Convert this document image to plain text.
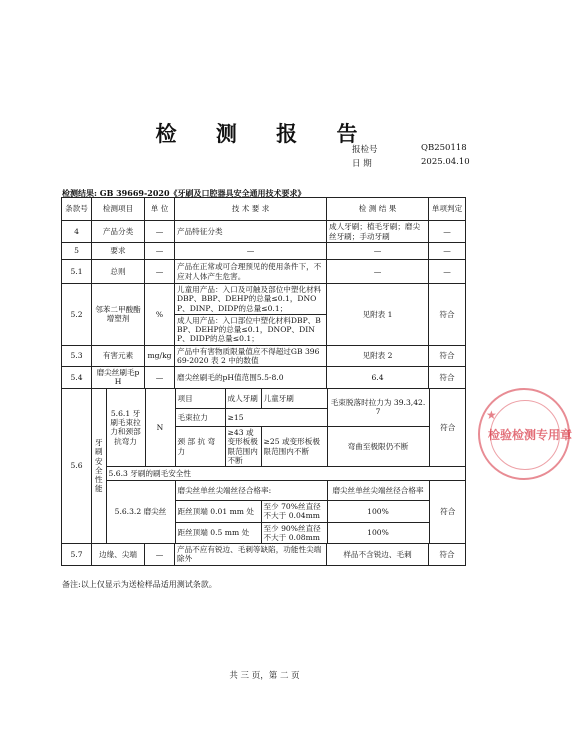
检 测 报 告
报检号	QB250118
日 期	2025.04.10
检测结果: GB 39669-2020《牙刷及口腔器具安全通用技术要求》
条款号	检测项目	单 位	技 术 要 求	检 测 结 果	单项判定
4	产品分类	—	产品特征分类	成人牙刷；植毛牙刷；磨尖丝牙刷；手动牙刷	—
5	要求	—	—	—	—
5.1	总则	—	产品在正常或可合理预见的使用条件下，不应对人体产生危害。	—	—
5.2	邻苯二甲酸酯增塑剂	%	儿童用产品：入口及可触及部位中塑化材料DBP、BBP、DEHP的总量≤0.1，DNOP、DINP、DIDP的总量≤0.1；	见附表 1	符合
成人用产品：入口部位中塑化材料DBP、BBP、DEHP的总量≤0.1，DNOP、DINP、DIDP的总量≤0.1；
5.3	有害元素	mg/kg	产品中有害物质限量值应不得超过GB 39669-2020 表 2 中的数值	见附表 2	符合
5.4	磨尖丝刷毛pH	—	磨尖丝刷毛的pH值范围5.5-8.0	6.4	符合
5.6	
牙刷安全性能	5.6.1 牙刷毛束拉力和颈部抗弯力	N	项目	成人牙刷	儿童牙刷	毛束脱落时拉力为 39.3,42.7	符合
毛束拉力	≥15
颈 部 抗 弯 力	≥43 或变形板极限范围内不断	≥25 或变形板极限范围内不断	弯曲至极限仍不断
5.6.3 牙刷的刷毛安全性
5.6.3.2 磨尖丝	磨尖丝单丝尖端丝径合格率:	磨尖丝单丝尖端丝径合格率	符合
距丝顶端 0.01 mm 处	至少 70%丝直径不大于 0.04mm	100%
距丝顶端 0.5 mm 处	至少 90%丝直径不大于 0.08mm	100%

5.7	边缘、尖端	—	产品不应有锐边、毛刺等缺陷，功能性尖端除外	样品不含锐边、毛刺	符合
备注:以上仅显示为送检样品适用测试条款。
共 三 页，第 二 页
★
检验检测专用章
